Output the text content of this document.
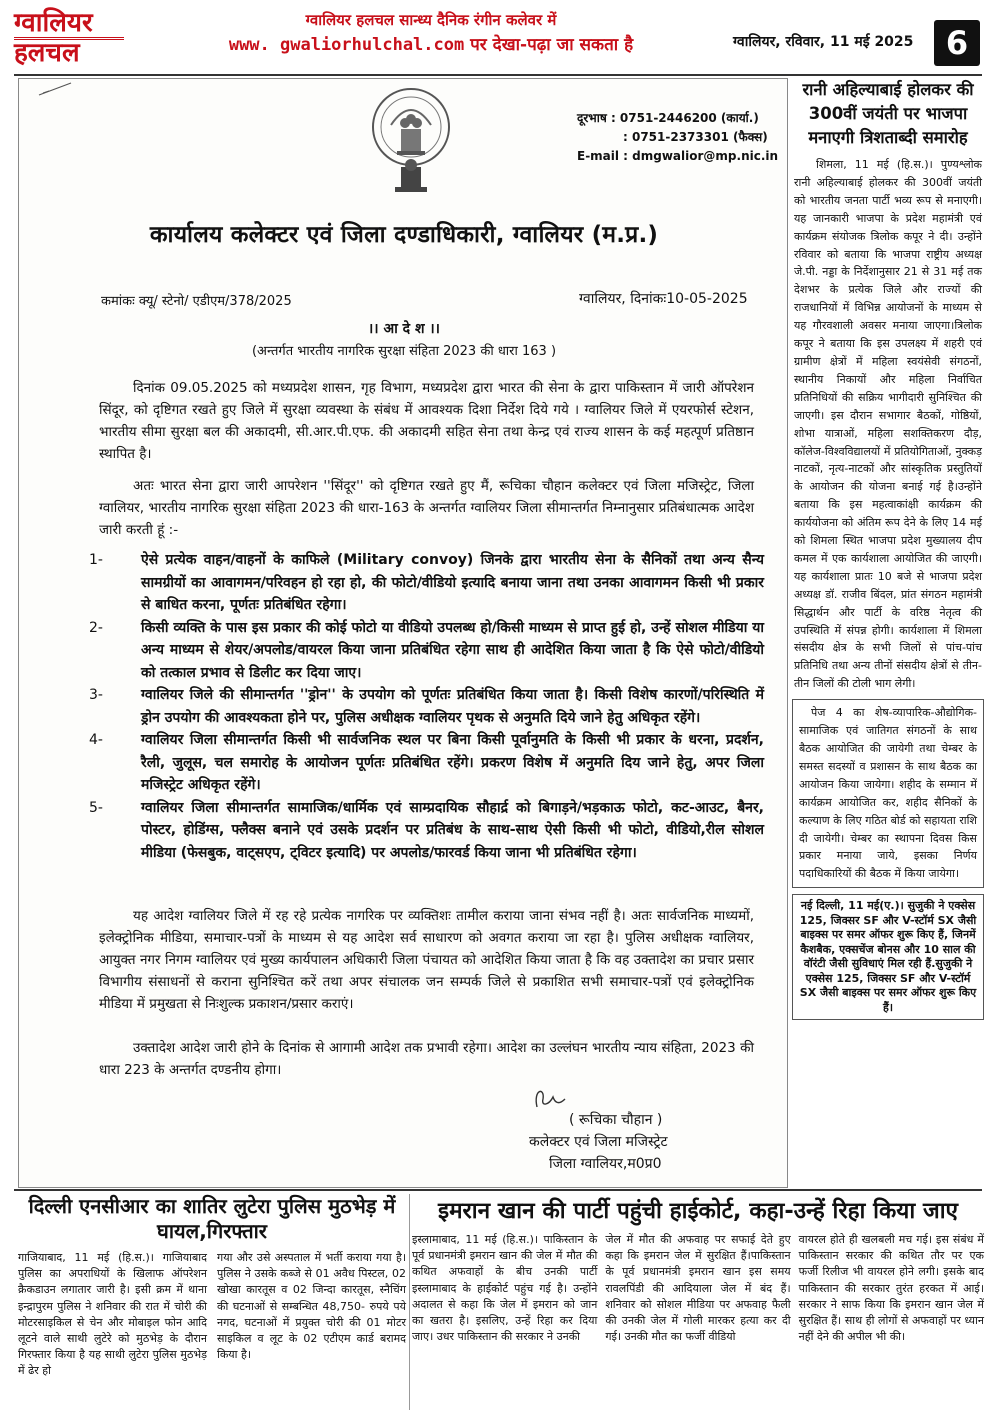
ग्वालियर
हलचल
ग्वालियर हलचल सान्ध्य दैनिक रंगीन कलेवर में
www. gwaliorhulchal.com पर देखा-पढ़ा जा सकता है	ग्वालियर, रविवार, 11 मई 2025	6
दूरभाष : 0751-2446200 (कार्या.)
: 0751-2373301 (फैक्स)
E-mail : dmgwalior@mp.nic.in
कार्यालय कलेक्टर एवं जिला दण्डाधिकारी, ग्वालियर (म.प्र.)
कमांकः क्यू/ स्टेनो/ एडीएम/378/2025	ग्वालियर, दिनांकः10-05-2025
।। आ दे श ।।
(अन्तर्गत भारतीय नागरिक सुरक्षा संहिता 2023 की धारा 163 )
दिनांक 09.05.2025 को मध्यप्रदेश शासन, गृह विभाग, मध्यप्रदेश द्वारा भारत की सेना के द्वारा पाकिस्तान में जारी ऑपरेशन सिंदूर, को दृष्टिगत रखते हुए जिले में सुरक्षा व्यवस्था के संबंध में आवश्यक दिशा निर्देश दिये गये । ग्वालियर जिले में एयरफोर्स स्टेशन, भारतीय सीमा सुरक्षा बल की अकादमी, सी.आर.पी.एफ. की अकादमी सहित सेना तथा केन्द्र एवं राज्य शासन के कई महत्पूर्ण प्रतिष्ठान स्थापित है।
अतः भारत सेना द्वारा जारी आपरेशन ''सिंदूर'' को दृष्टिगत रखते हुए मैं, रूचिका चौहान कलेक्टर एवं जिला मजिस्ट्रेट, जिला ग्वालियर, भारतीय नागरिक सुरक्षा संहिता 2023 की धारा-163 के अन्तर्गत ग्वालियर जिला सीमान्तर्गत निम्नानुसार प्रतिबंधात्मक आदेश जारी करती हूं :-
1-	ऐसे प्रत्येक वाहन/वाहनों के काफिले (Military convoy) जिनके द्वारा भारतीय सेना के सैनिकों तथा अन्य सैन्य सामग्रीयों का आवागमन/परिवहन हो रहा हो, की फोटो/वीडियो इत्यादि बनाया जाना तथा उनका आवागमन किसी भी प्रकार से बाधित करना, पूर्णतः प्रतिबंधित रहेगा।
2-	किसी व्यक्ति के पास इस प्रकार की कोई फोटो या वीडियो उपलब्ध हो/किसी माध्यम से प्राप्त हुई हो, उन्हें सोशल मीडिया या अन्य माध्यम से शेयर/अपलोड/वायरल किया जाना प्रतिबंधित रहेगा साथ ही आदेशित किया जाता है कि ऐसे फोटो/वीडियो को तत्काल प्रभाव से डिलीट कर दिया जाए।
3-	ग्वालियर जिले की सीमान्तर्गत ''ड्रोन'' के उपयोग को पूर्णतः प्रतिबंधित किया जाता है। किसी विशेष कारणों/परिस्थिति में ड्रोन उपयोग की आवश्यकता होने पर, पुलिस अधीक्षक ग्वालियर पृथक से अनुमति दिये जाने हेतु अधिकृत रहेंगे।
4-	ग्वालियर जिला सीमान्तर्गत किसी भी सार्वजनिक स्थल पर बिना किसी पूर्वानुमति के किसी भी प्रकार के धरना, प्रदर्शन, रैली, जुलूस, चल समारोह के आयोजन पूर्णतः प्रतिबंधित रहेंगे। प्रकरण विशेष में अनुमति दिय जाने हेतु, अपर जिला मजिस्ट्रेट अधिकृत रहेंगे।
5-	ग्वालियर जिला सीमान्तर्गत सामाजिक/धार्मिक एवं साम्प्रदायिक सौहार्द्र को बिगाड़ने/भड़काऊ फोटो, कट-आउट, बैनर, पोस्टर, होडिंग्स, फ्लैक्स बनाने एवं उसके प्रदर्शन पर प्रतिबंध के साथ-साथ ऐसी किसी भी फोटो, वीडियो,रील सोशल मीडिया (फेसबुक, वाट्सएप, ट्विटर इत्यादि) पर अपलोड/फारवर्ड किया जाना भी प्रतिबंधित रहेगा।
यह आदेश ग्वालियर जिले में रह रहे प्रत्येक नागरिक पर व्यक्तिशः तामील कराया जाना संभव नहीं है। अतः सार्वजनिक माध्यमों, इलेक्ट्रोनिक मीडिया, समाचार-पत्रों के माध्यम से यह आदेश सर्व साधारण को अवगत कराया जा रहा है। पुलिस अधीक्षक ग्वालियर, आयुक्त नगर निगम ग्वालियर एवं मुख्य कार्यपालन अधिकारी जिला पंचायत को आदेशित किया जाता है कि वह उक्तादेश का प्रचार प्रसार विभागीय संसाधनों से कराना सुनिश्चित करें तथा अपर संचालक जन सम्पर्क जिले से प्रकाशित सभी समाचार-पत्रों एवं इलेक्ट्रोनिक मीडिया में प्रमुखता से निःशुल्क प्रकाशन/प्रसार कराएं।
उक्तादेश आदेश जारी होने के दिनांक से आगामी आदेश तक प्रभावी रहेगा। आदेश का उल्लंघन भारतीय न्याय संहिता, 2023 की धारा 223 के अन्तर्गत दण्डनीय होगा।
( रूचिका चौहान )
कलेक्टर एवं जिला मजिस्ट्रेट
जिला ग्वालियर,म0प्र0
रानी अहिल्याबाई होलकर की 300वीं जयंती पर भाजपा मनाएगी त्रिशताब्दी समारोह
शिमला, 11 मई (हि.स.)। पुण्यश्लोक रानी अहिल्याबाई होलकर की 300वीं जयंती को भारतीय जनता पार्टी भव्य रूप से मनाएगी। यह जानकारी भाजपा के प्रदेश महामंत्री एवं कार्यक्रम संयोजक त्रिलोक कपूर ने दी। उन्होंने रविवार को बताया कि भाजपा राष्ट्रीय अध्यक्ष जे.पी. नड्डा के निर्देशानुसार 21 से 31 मई तक देशभर के प्रत्येक जिले और राज्यों की राजधानियों में विभिन्न आयोजनों के माध्यम से यह गौरवशाली अवसर मनाया जाएगा।त्रिलोक कपूर ने बताया कि इस उपलक्ष्य में शहरी एवं ग्रामीण क्षेत्रों में महिला स्वयंसेवी संगठनों, स्थानीय निकायों और महिला निर्वाचित प्रतिनिधियों की सक्रिय भागीदारी सुनिश्चित की जाएगी। इस दौरान सभागार बैठकों, गोष्ठियों, शोभा यात्राओं, महिला सशक्तिकरण दौड़, कॉलेज-विश्वविद्यालयों में प्रतियोगिताओं, नुक्कड़ नाटकों, नृत्य-नाटकों और सांस्कृतिक प्रस्तुतियों के आयोजन की योजना बनाई गई है।उन्होंने बताया कि इस महत्वाकांक्षी कार्यक्रम की कार्ययोजना को अंतिम रूप देने के लिए 14 मई को शिमला स्थित भाजपा प्रदेश मुख्यालय दीप कमल में एक कार्यशाला आयोजित की जाएगी। यह कार्यशाला प्रातः 10 बजे से भाजपा प्रदेश अध्यक्ष डॉ. राजीव बिंदल, प्रांत संगठन महामंत्री सिद्धार्थन और पार्टी के वरिष्ठ नेतृत्व की उपस्थिति में संपन्न होगी। कार्यशाला में शिमला संसदीय क्षेत्र के सभी जिलों से पांच-पांच प्रतिनिधि तथा अन्य तीनों संसदीय क्षेत्रों से तीन-तीन जिलों की टोली भाग लेगी।
पेज 4 का शेष-व्यापारिक-औद्योगिक-सामाजिक एवं जातिगत संगठनों के साथ बैठक आयोजित की जायेगी तथा चेम्बर के समस्त सदस्यों व प्रशासन के साथ बैठक का आयोजन किया जायेगा। शहीद के सम्मान में कार्यक्रम आयोजित कर, शहीद सैनिकों के कल्याण के लिए गठित बोर्ड को सहायता राशि दी जायेगी। चेम्बर का स्थापना दिवस किस प्रकार मनाया जाये, इसका निर्णय पदाधिकारियों की बैठक में किया जायेगा।
नई दिल्ली, 11 मई(ए.)। सुजुकी ने एक्सेस 125, जिक्सर SF और V-स्टॉर्म SX जैसी बाइक्स पर समर ऑफर शुरू किए हैं, जिनमें कैशबैक, एक्सचेंज बोनस और 10 साल की वॉरंटी जैसी सुविधाएं मिल रही हैं.सुजुकी ने एक्सेस 125, जिक्सर SF और V-स्टॉर्म SX जैसी बाइक्स पर समर ऑफर शुरू किए हैं।
दिल्ली एनसीआर का शातिर लुटेरा पुलिस मुठभेड़ में घायल,गिरफ्तार
गाजियाबाद, 11 मई (हि.स.)। गाजियाबाद पुलिस का अपराधियों के खिलाफ ऑपरेशन क्रैकडाउन लगातार जारी है। इसी क्रम में थाना इन्द्रापुरम पुलिस ने शनिवार की रात में चोरी की मोटरसाइकिल से चेन और मोबाइल फोन आदि लूटने वाले साथी लुटेरे को मुठभेड़ के दौरान गिरफ्तार किया है यह साथी लुटेरा पुलिस मुठभेड़ में ढेर हो
गया और उसे अस्पताल में भर्ती कराया गया है। पुलिस ने उसके कब्जे से 01 अवैध पिस्टल, 02 खोखा कारतूस व 02 जिन्दा कारतूस, स्नैचिंग की घटनाओं से सम्बन्धित 48,750- रुपये पये नगद, घटनाओं में प्रयुक्त चोरी की 01 मोटर साइकिल व लूट के 02 एटीएम कार्ड बरामद किया है।
इमरान खान की पार्टी पहुंची हाईकोर्ट, कहा-उन्हें रिहा किया जाए
इस्लामाबाद, 11 मई (हि.स.)। पाकिस्तान के पूर्व प्रधानमंत्री इमरान खान की जेल में मौत की कथित अफवाहों के बीच उनकी पार्टी इस्लामाबाद के हाईकोर्ट पहुंच गई है। उन्होंने अदालत से कहा कि जेल में इमरान को जान का खतरा है। इसलिए, उन्हें रिहा कर दिया जाए। उधर पाकिस्तान की सरकार ने उनकी
जेल में मौत की अफवाह पर सफाई देते हुए कहा कि इमरान जेल में सुरक्षित हैं।पाकिस्तान के पूर्व प्रधानमंत्री इमरान खान इस समय रावलपिंडी की आदियाला जेल में बंद हैं। शनिवार को सोशल मीडिया पर अफवाह फैली की उनकी जेल में गोली मारकर हत्या कर दी गई। उनकी मौत का फर्जी वीडियो
वायरल होते ही खलबली मच गई। इस संबंध में पाकिस्तान सरकार की कथित तौर पर एक फर्जी रिलीज भी वायरल होने लगी। इसके बाद पाकिस्तान की सरकार तुरंत हरकत में आई। सरकार ने साफ किया कि इमरान खान जेल में सुरक्षित हैं। साथ ही लोगों से अफवाहों पर ध्यान नहीं देने की अपील भी की।
